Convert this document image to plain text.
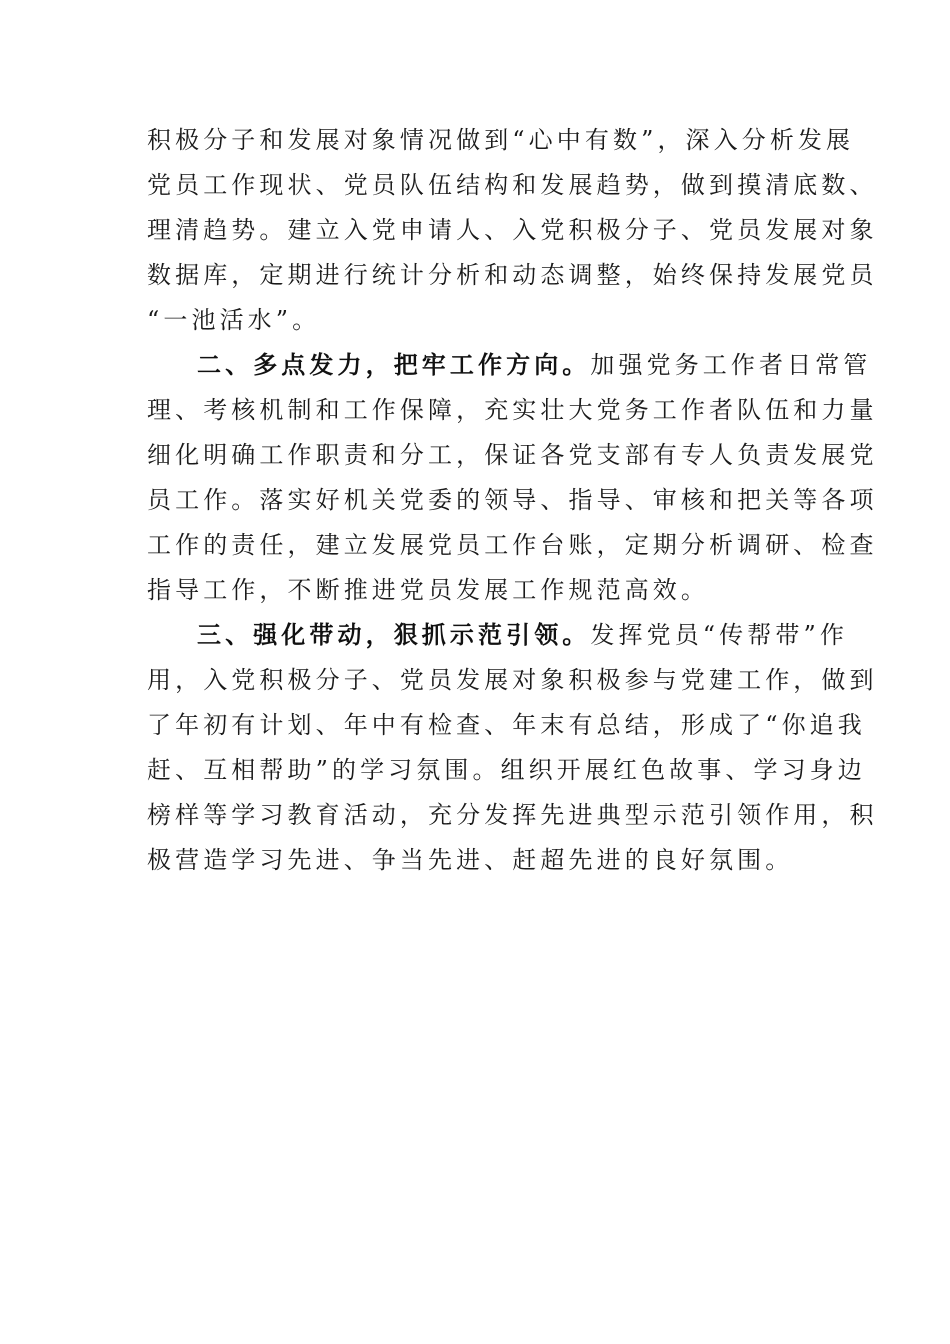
积极分子和发展对象情况做到“心中有数”，深入分析发展
党员工作现状、党员队伍结构和发展趋势，做到摸清底数、
理清趋势。建立入党申请人、入党积极分子、党员发展对象
数据库，定期进行统计分析和动态调整，始终保持发展党员
“一池活水”。
二、多点发力，把牢工作方向。加强党务工作者日常管
理、考核机制和工作保障，充实壮大党务工作者队伍和力量
细化明确工作职责和分工，保证各党支部有专人负责发展党
员工作。落实好机关党委的领导、指导、审核和把关等各项
工作的责任，建立发展党员工作台账，定期分析调研、检查
指导工作，不断推进党员发展工作规范高效。
三、强化带动，狠抓示范引领。发挥党员“传帮带”作
用，入党积极分子、党员发展对象积极参与党建工作，做到
了年初有计划、年中有检查、年末有总结，形成了“你追我
赶、互相帮助”的学习氛围。组织开展红色故事、学习身边
榜样等学习教育活动，充分发挥先进典型示范引领作用，积
极营造学习先进、争当先进、赶超先进的良好氛围。
